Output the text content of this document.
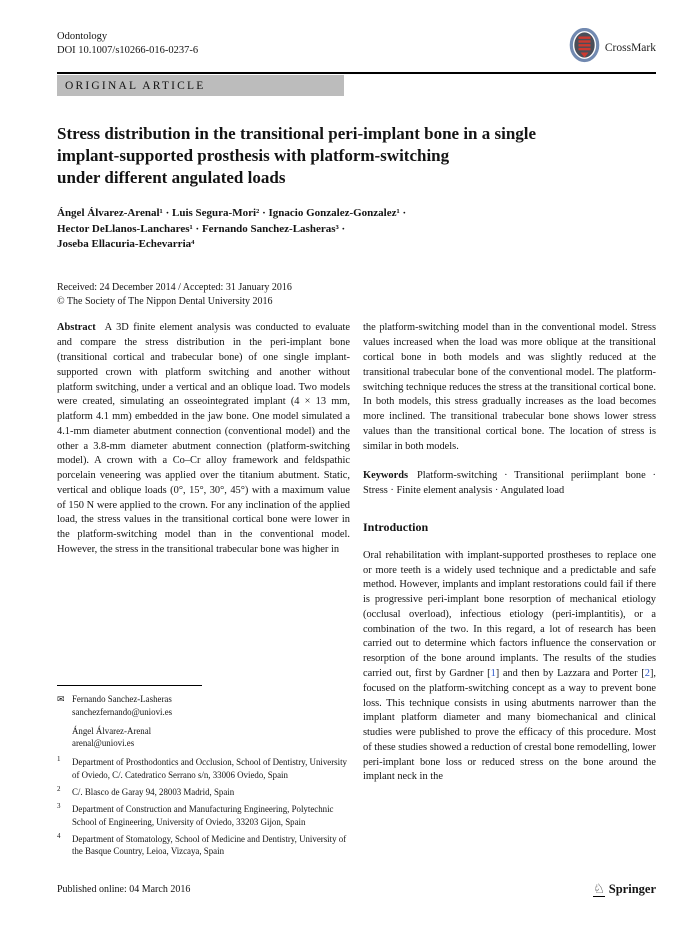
Odontology
DOI 10.1007/s10266-016-0237-6	CrossMark
ORIGINAL ARTICLE
Stress distribution in the transitional peri-implant bone in a single
implant-supported prosthesis with platform-switching
under different angulated loads
Ángel Álvarez-Arenal¹ · Luis Segura-Mori² · Ignacio Gonzalez-Gonzalez¹ ·
Hector DeLlanos-Lanchares¹ · Fernando Sanchez-Lasheras³ ·
Joseba Ellacuria-Echevarria⁴
Received: 24 December 2014 / Accepted: 31 January 2016
© The Society of The Nippon Dental University 2016

Abstract A 3D finite element analysis was conducted to evaluate and compare the stress distribution in the peri-implant bone (transitional cortical and trabecular bone) of one single implant-supported crown with platform switching and another without platform switching, under a vertical and an oblique load. Two models were created, simulating an osseointegrated implant (4 × 13 mm, platform 4.1 mm) embedded in the jaw bone. One model simulated a 4.1-mm diameter abutment connection (conventional model) and the other a 3.8-mm diameter abutment connection (platform-switching model). A crown with a Co–Cr alloy framework and feldspathic porcelain veneering was applied over the titanium abutment. Static, vertical and oblique loads (0°, 15°, 30°, 45°) with a maximum value of 150 N were applied to the crown. For any inclination of the applied load, the stress values in the transitional cortical bone were lower in the platform-switching model than in the conventional model. However, the stress in the transitional trabecular bone was higher in

✉ Fernando Sanchez-Lasheras
sanchezfernando@uniovi.es
Ángel Álvarez-Arenal
arenal@uniovi.es
1	Department of Prosthodontics and Occlusion, School of Dentistry, University of Oviedo, C/. Catedratico Serrano s/n, 33006 Oviedo, Spain
2	C/. Blasco de Garay 94, 28003 Madrid, Spain
3	Department of Construction and Manufacturing Engineering, Polytechnic School of Engineering, University of Oviedo, 33203 Gijon, Spain
4	Department of Stomatology, School of Medicine and Dentistry, University of the Basque Country, Leioa, Vizcaya, Spain

the platform-switching model than in the conventional model. Stress values increased when the load was more oblique at the transitional cortical bone in both models and was slightly reduced at the transitional trabecular bone of the conventional model. The platform-switching technique reduces the stress at the transitional cortical bone. In both models, this stress gradually increases as the load becomes more inclined. The transitional trabecular bone shows lower stress values than the transitional cortical bone. The location of stress is similar in both models.

Keywords Platform-switching · Transitional periimplant bone · Stress · Finite element analysis · Angulated load

Introduction

Oral rehabilitation with implant-supported prostheses to replace one or more teeth is a widely used technique and a predictable and safe method. However, implants and implant restorations could fail if there is progressive peri-implant bone resorption of mechanical etiology (occlusal overload), infectious etiology (peri-implantitis), or a combination of the two. In this regard, a lot of research has been carried out to determine which factors influence the conservation or resorption of the bone around implants. The results of the studies carried out, first by Gardner [1] and then by Lazzara and Porter [2], focused on the platform-switching concept as a way to prevent bone loss. This technique consists in using abutments narrower than the implant platform diameter and many biomechanical and clinical studies were published to prove the efficacy of this procedure. Most of these studies showed a reduction of crestal bone remodelling, lower peri-implant bone loss or reduced stress on the bone around the implant neck in the

Published online: 04 March 2016	♘ Springer
